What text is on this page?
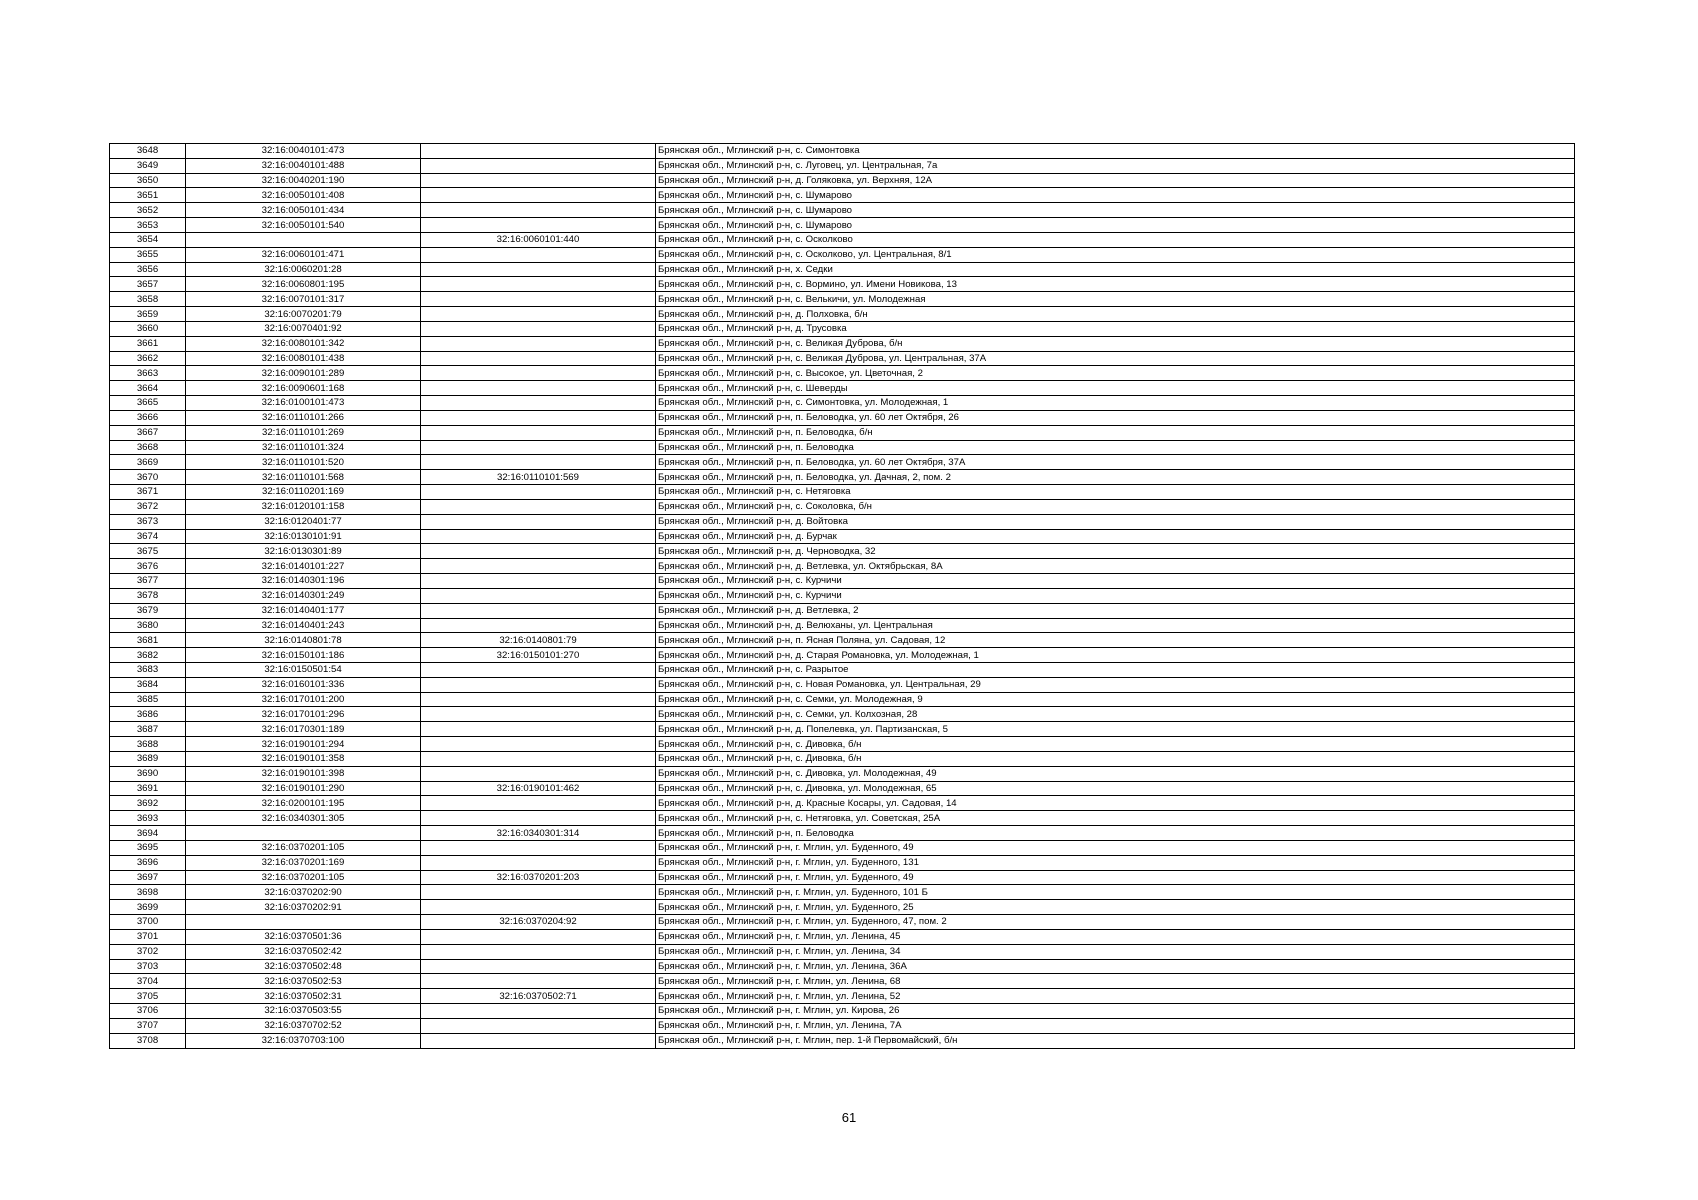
3648	32:16:0040101:473		Брянская обл., Мглинский р-н, с. Симонтовка
3649	32:16:0040101:488		Брянская обл., Мглинский р-н, с. Луговец, ул. Центральная, 7а
3650	32:16:0040201:190		Брянская обл., Мглинский р-н, д. Голяковка, ул. Верхняя, 12А
3651	32:16:0050101:408		Брянская обл., Мглинский р-н, с. Шумарово
3652	32:16:0050101:434		Брянская обл., Мглинский р-н, с. Шумарово
3653	32:16:0050101:540		Брянская обл., Мглинский р-н, с. Шумарово
3654		32:16:0060101:440	Брянская обл., Мглинский р-н, с. Осколково
3655	32:16:0060101:471		Брянская обл., Мглинский р-н, с. Осколково, ул. Центральная, 8/1
3656	32:16:0060201:28		Брянская обл., Мглинский р-н, х. Седки
3657	32:16:0060801:195		Брянская обл., Мглинский р-н, с. Вормино, ул. Имени Новикова, 13
3658	32:16:0070101:317		Брянская обл., Мглинский р-н, с. Велькичи, ул. Молодежная
3659	32:16:0070201:79		Брянская обл., Мглинский р-н, д. Полховка, б/н
3660	32:16:0070401:92		Брянская обл., Мглинский р-н, д. Трусовка
3661	32:16:0080101:342		Брянская обл., Мглинский р-н, с. Великая Дуброва, б/н
3662	32:16:0080101:438		Брянская обл., Мглинский р-н, с. Великая Дуброва, ул. Центральная, 37А
3663	32:16:0090101:289		Брянская обл., Мглинский р-н, с. Высокое, ул. Цветочная, 2
3664	32:16:0090601:168		Брянская обл., Мглинский р-н, с. Шеверды
3665	32:16:0100101:473		Брянская обл., Мглинский р-н, с. Симонтовка, ул. Молодежная, 1
3666	32:16:0110101:266		Брянская обл., Мглинский р-н, п. Беловодка, ул. 60 лет Октября, 26
3667	32:16:0110101:269		Брянская обл., Мглинский р-н, п. Беловодка, б/н
3668	32:16:0110101:324		Брянская обл., Мглинский р-н, п. Беловодка
3669	32:16:0110101:520		Брянская обл., Мглинский р-н, п. Беловодка, ул. 60 лет Октября, 37А
3670	32:16:0110101:568	32:16:0110101:569	Брянская обл., Мглинский р-н, п. Беловодка, ул. Дачная, 2, пом. 2
3671	32:16:0110201:169		Брянская обл., Мглинский р-н, с. Нетяговка
3672	32:16:0120101:158		Брянская обл., Мглинский р-н, с. Соколовка, б/н
3673	32:16:0120401:77		Брянская обл., Мглинский р-н, д. Войтовка
3674	32:16:0130101:91		Брянская обл., Мглинский р-н, д. Бурчак
3675	32:16:0130301:89		Брянская обл., Мглинский р-н, д. Черноводка, 32
3676	32:16:0140101:227		Брянская обл., Мглинский р-н, д. Ветлевка, ул. Октябрьская, 8А
3677	32:16:0140301:196		Брянская обл., Мглинский р-н, с. Курчичи
3678	32:16:0140301:249		Брянская обл., Мглинский р-н, с. Курчичи
3679	32:16:0140401:177		Брянская обл., Мглинский р-н, д. Ветлевка, 2
3680	32:16:0140401:243		Брянская обл., Мглинский р-н, д. Велюханы, ул. Центральная
3681	32:16:0140801:78	32:16:0140801:79	Брянская обл., Мглинский р-н, п. Ясная Поляна, ул. Садовая, 12
3682	32:16:0150101:186	32:16:0150101:270	Брянская обл., Мглинский р-н, д. Старая Романовка, ул. Молодежная, 1
3683	32:16:0150501:54		Брянская обл., Мглинский р-н, с. Разрытое
3684	32:16:0160101:336		Брянская обл., Мглинский р-н, с. Новая Романовка, ул. Центральная, 29
3685	32:16:0170101:200		Брянская обл., Мглинский р-н, с. Семки, ул. Молодежная, 9
3686	32:16:0170101:296		Брянская обл., Мглинский р-н, с. Семки, ул. Колхозная, 28
3687	32:16:0170301:189		Брянская обл., Мглинский р-н, д. Попелевка, ул. Партизанская, 5
3688	32:16:0190101:294		Брянская обл., Мглинский р-н, с. Дивовка, б/н
3689	32:16:0190101:358		Брянская обл., Мглинский р-н, с. Дивовка, б/н
3690	32:16:0190101:398		Брянская обл., Мглинский р-н, с. Дивовка, ул. Молодежная, 49
3691	32:16:0190101:290	32:16:0190101:462	Брянская обл., Мглинский р-н, с. Дивовка, ул. Молодежная, 65
3692	32:16:0200101:195		Брянская обл., Мглинский р-н, д. Красные Косары, ул. Садовая, 14
3693	32:16:0340301:305		Брянская обл., Мглинский р-н, с. Нетяговка, ул. Советская, 25А
3694		32:16:0340301:314	Брянская обл., Мглинский р-н, п. Беловодка
3695	32:16:0370201:105		Брянская обл., Мглинский р-н, г. Мглин, ул. Буденного, 49
3696	32:16:0370201:169		Брянская обл., Мглинский р-н, г. Мглин, ул. Буденного, 131
3697	32:16:0370201:105	32:16:0370201:203	Брянская обл., Мглинский р-н, г. Мглин, ул. Буденного, 49
3698	32:16:0370202:90		Брянская обл., Мглинский р-н, г. Мглин, ул. Буденного, 101 Б
3699	32:16:0370202:91		Брянская обл., Мглинский р-н, г. Мглин, ул. Буденного, 25
3700		32:16:0370204:92	Брянская обл., Мглинский р-н, г. Мглин, ул. Буденного, 47, пом. 2
3701	32:16:0370501:36		Брянская обл., Мглинский р-н, г. Мглин, ул. Ленина, 45
3702	32:16:0370502:42		Брянская обл., Мглинский р-н, г. Мглин, ул. Ленина, 34
3703	32:16:0370502:48		Брянская обл., Мглинский р-н, г. Мглин, ул. Ленина, 36А
3704	32:16:0370502:53		Брянская обл., Мглинский р-н, г. Мглин, ул. Ленина, 68
3705	32:16:0370502:31	32:16:0370502:71	Брянская обл., Мглинский р-н, г. Мглин, ул. Ленина, 52
3706	32:16:0370503:55		Брянская обл., Мглинский р-н, г. Мглин, ул. Кирова, 26
3707	32:16:0370702:52		Брянская обл., Мглинский р-н, г. Мглин, ул. Ленина, 7А
3708	32:16:0370703:100		Брянская обл., Мглинский р-н, г. Мглин, пер. 1-й Первомайский, б/н
61
